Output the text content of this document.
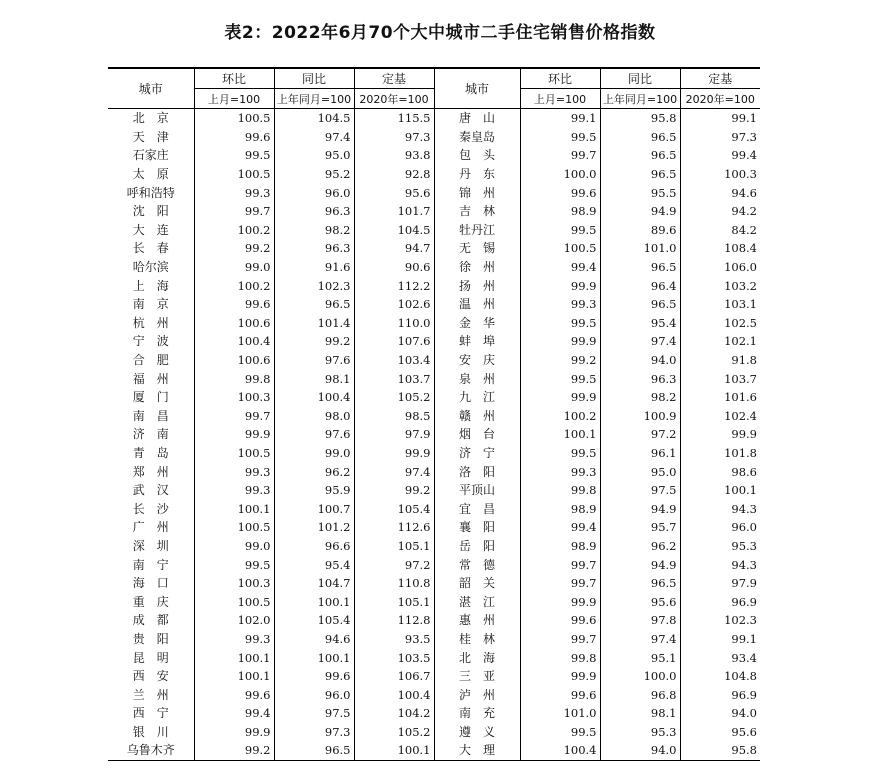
表2：2022年6月70个大中城市二手住宅销售价格指数
城市	环比	同比	定基	城市	环比	同比	定基
	上月=100	上年同月=100	2020年=100		上月=100	上年同月=100	2020年=100
北　京	100.5	104.5	115.5	唐　山	99.1	95.8	99.1
天　津	99.6	97.4	97.3	秦皇岛	99.5	96.5	97.3
石家庄	99.5	95.0	93.8	包　头	99.7	96.5	99.4
太　原	100.5	95.2	92.8	丹　东	100.0	96.5	100.3
呼和浩特	99.3	96.0	95.6	锦　州	99.6	95.5	94.6
沈　阳	99.7	96.3	101.7	吉　林	98.9	94.9	94.2
大　连	100.2	98.2	104.5	牡丹江	99.5	89.6	84.2
长　春	99.2	96.3	94.7	无　锡	100.5	101.0	108.4
哈尔滨	99.0	91.6	90.6	徐　州	99.4	96.5	106.0
上　海	100.2	102.3	112.2	扬　州	99.9	96.4	103.2
南　京	99.6	96.5	102.6	温　州	99.3	96.5	103.1
杭　州	100.6	101.4	110.0	金　华	99.5	95.4	102.5
宁　波	100.4	99.2	107.6	蚌　埠	99.9	97.4	102.1
合　肥	100.6	97.6	103.4	安　庆	99.2	94.0	91.8
福　州	99.8	98.1	103.7	泉　州	99.5	96.3	103.7
厦　门	100.3	100.4	105.2	九　江	99.9	98.2	101.6
南　昌	99.7	98.0	98.5	赣　州	100.2	100.9	102.4
济　南	99.9	97.6	97.9	烟　台	100.1	97.2	99.9
青　岛	100.5	99.0	99.9	济　宁	99.5	96.1	101.8
郑　州	99.3	96.2	97.4	洛　阳	99.3	95.0	98.6
武　汉	99.3	95.9	99.2	平顶山	99.8	97.5	100.1
长　沙	100.1	100.7	105.4	宜　昌	98.9	94.9	94.3
广　州	100.5	101.2	112.6	襄　阳	99.4	95.7	96.0
深　圳	99.0	96.6	105.1	岳　阳	98.9	96.2	95.3
南　宁	99.5	95.4	97.2	常　德	99.7	94.9	94.3
海　口	100.3	104.7	110.8	韶　关	99.7	96.5	97.9
重　庆	100.5	100.1	105.1	湛　江	99.9	95.6	96.9
成　都	102.0	105.4	112.8	惠　州	99.6	97.8	102.3
贵　阳	99.3	94.6	93.5	桂　林	99.7	97.4	99.1
昆　明	100.1	100.1	103.5	北　海	99.8	95.1	93.4
西　安	100.1	99.6	106.7	三　亚	99.9	100.0	104.8
兰　州	99.6	96.0	100.4	泸　州	99.6	96.8	96.9
西　宁	99.4	97.5	104.2	南　充	101.0	98.1	94.0
银　川	99.9	97.3	105.2	遵　义	99.5	95.3	95.6
乌鲁木齐	99.2	96.5	100.1	大　理	100.4	94.0	95.8
